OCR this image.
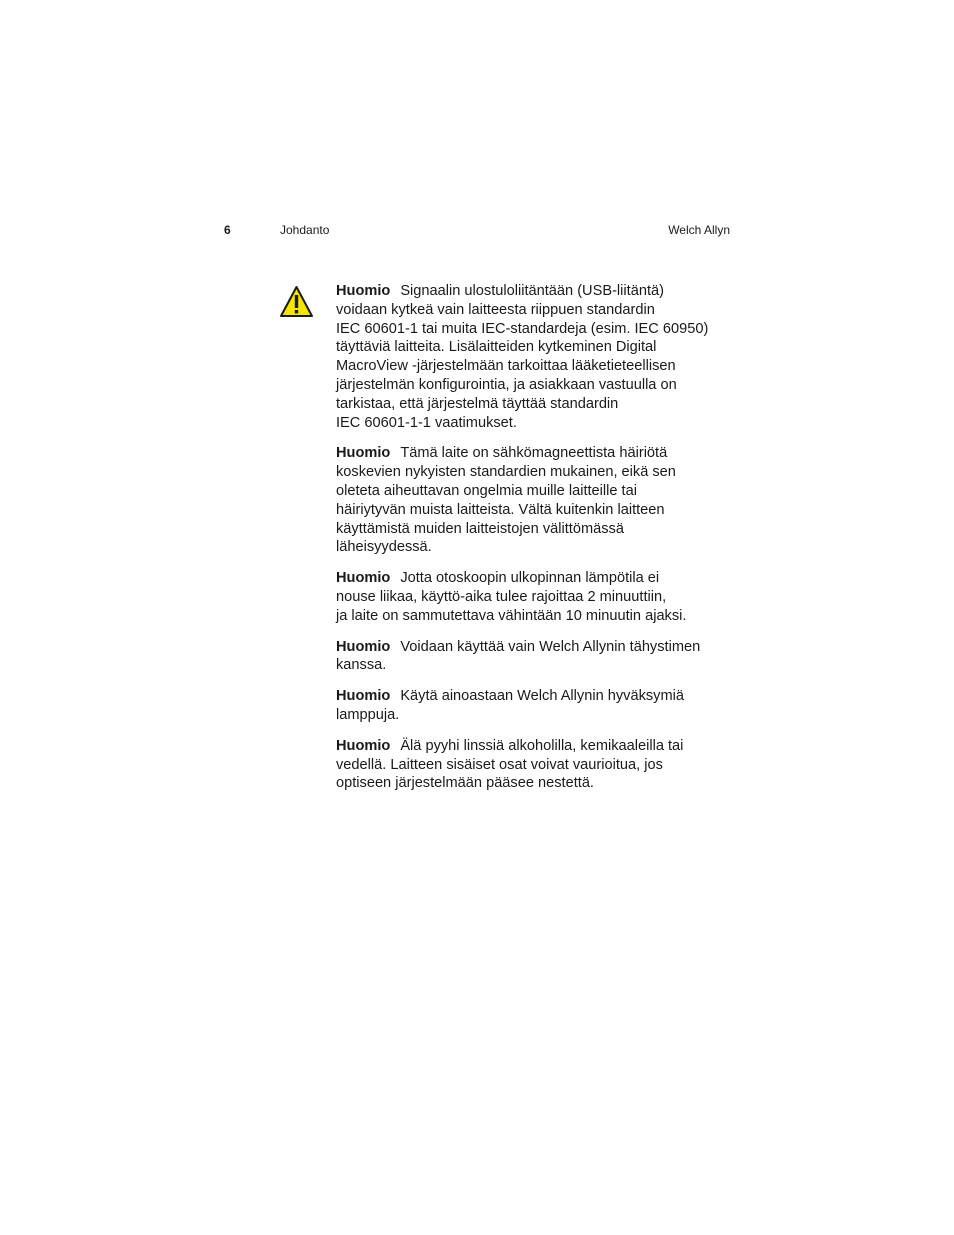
6	Johdanto	Welch Allyn

Huomio Signaalin ulostuloliitäntään (USB-liitäntä)
voidaan kytkeä vain laitteesta riippuen standardin
IEC 60601-1 tai muita IEC-standardeja (esim. IEC 60950)
täyttäviä laitteita. Lisälaitteiden kytkeminen Digital
MacroView -järjestelmään tarkoittaa lääketieteellisen
järjestelmän konfigurointia, ja asiakkaan vastuulla on
tarkistaa, että järjestelmä täyttää standardin
IEC 60601-1-1 vaatimukset.

Huomio Tämä laite on sähkömagneettista häiriötä
koskevien nykyisten standardien mukainen, eikä sen
oleteta aiheuttavan ongelmia muille laitteille tai
häiriytyvän muista laitteista. Vältä kuitenkin laitteen
käyttämistä muiden laitteistojen välittömässä
läheisyydessä.

Huomio Jotta otoskoopin ulkopinnan lämpötila ei
nouse liikaa, käyttö-aika tulee rajoittaa 2 minuuttiin,
ja laite on sammutettava vähintään 10 minuutin ajaksi.

Huomio Voidaan käyttää vain Welch Allynin tähystimen
kanssa.

Huomio Käytä ainoastaan Welch Allynin hyväksymiä
lamppuja.

Huomio Älä pyyhi linssiä alkoholilla, kemikaaleilla tai
vedellä. Laitteen sisäiset osat voivat vaurioitua, jos
optiseen järjestelmään pääsee nestettä.
